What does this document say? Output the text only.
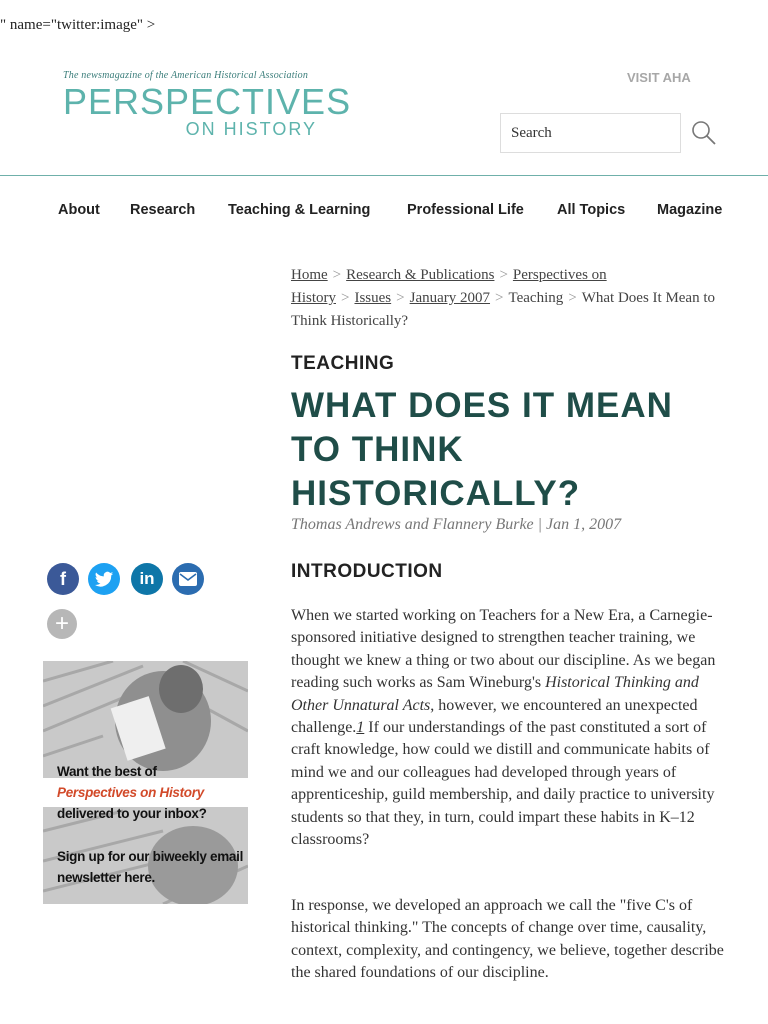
" name="twitter:image" >
The newsmagazine of the American Historical Association
PERSPECTIVES
ON HISTORY
VISIT AHA
Search
About Research Teaching & Learning	Professional Life All Topics Magazine
Home > Research & Publications > Perspectives on History > Issues > January 2007 > Teaching > What Does It Mean to Think Historically?
TEACHING
WHAT DOES IT MEAN TO THINK HISTORICALLY?
Thomas Andrews and Flannery Burke | Jan 1, 2007
INTRODUCTION

When we started working on Teachers for a New Era, a Carnegie-sponsored initiative designed to strengthen teacher training, we thought we knew a thing or two about our discipline. As we began reading such works as Sam Wineburg's Historical Thinking and Other Unnatural Acts, however, we encountered an unexpected challenge.1 If our understandings of the past constituted a sort of craft knowledge, how could we distill and communicate habits of mind we and our colleagues had developed through years of apprenticeship, guild membership, and daily practice to university students so that they, in turn, could impart these habits in K–12 classrooms?

In response, we developed an approach we call the "five C's of historical thinking." The concepts of change over time, causality, context, complexity, and contingency, we believe, together describe the shared foundations of our discipline.

f	in
+
Want the best of
Perspectives on History
delivered to your inbox?
Sign up for our biweekly email
newsletter here.
